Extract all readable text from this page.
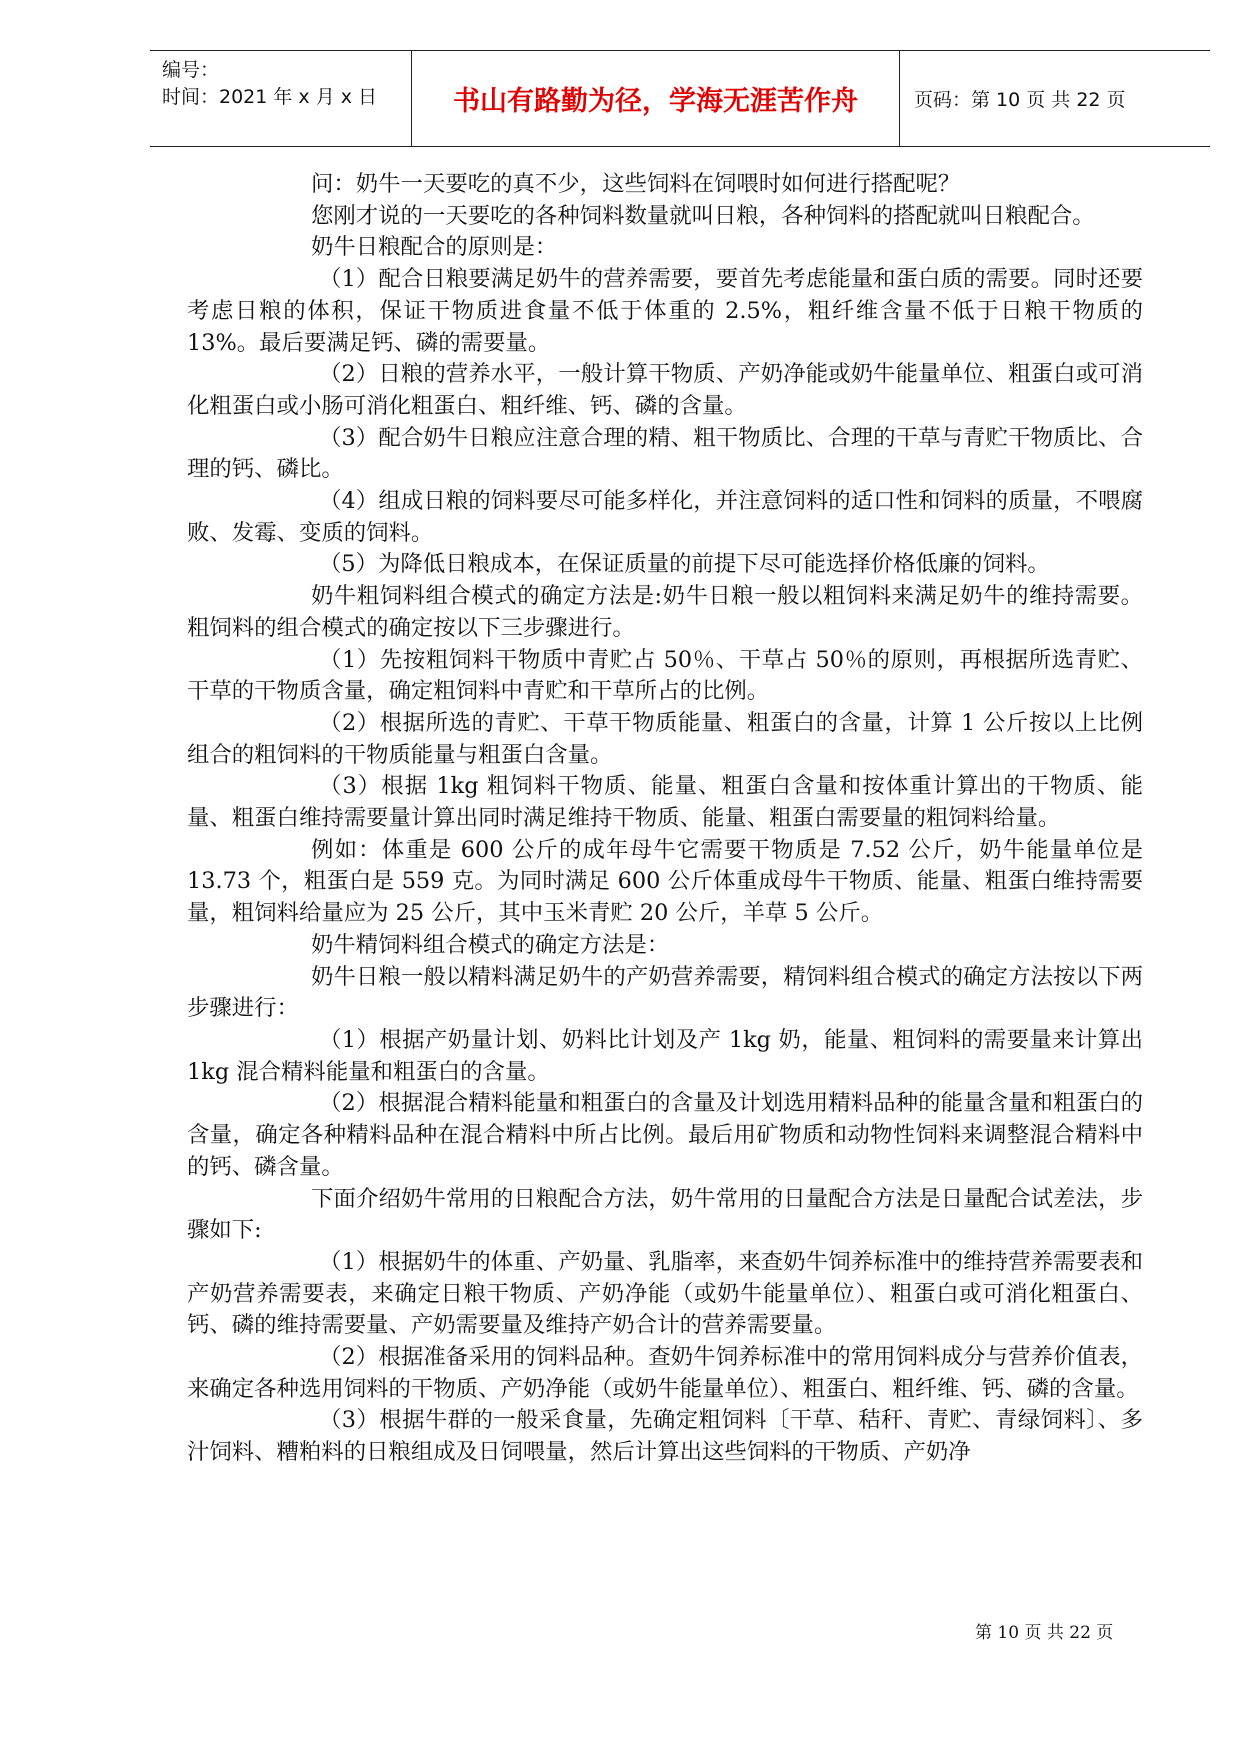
编号：
时间：2021 年 x 月 x 日	书山有路勤为径，学海无涯苦作舟	页码：第 10 页 共 22 页

问：奶牛一天要吃的真不少，这些饲料在饲喂时如何进行搭配呢？

您刚才说的一天要吃的各种饲料数量就叫日粮，各种饲料的搭配就叫日粮配合。

奶牛日粮配合的原则是：

（1）配合日粮要满足奶牛的营养需要，要首先考虑能量和蛋白质的需要。同时还要考虑日粮的体积，保证干物质进食量不低于体重的 2.5%，粗纤维含量不低于日粮干物质的 13%。最后要满足钙、磷的需要量。

（2）日粮的营养水平，一般计算干物质、产奶净能或奶牛能量单位、粗蛋白或可消化粗蛋白或小肠可消化粗蛋白、粗纤维、钙、磷的含量。

（3）配合奶牛日粮应注意合理的精、粗干物质比、合理的干草与青贮干物质比、合理的钙、磷比。

（4）组成日粮的饲料要尽可能多样化，并注意饲料的适口性和饲料的质量，不喂腐败、发霉、变质的饲料。

（5）为降低日粮成本，在保证质量的前提下尽可能选择价格低廉的饲料。

奶牛粗饲料组合模式的确定方法是:奶牛日粮一般以粗饲料来满足奶牛的维持需要。粗饲料的组合模式的确定按以下三步骤进行。

（1）先按粗饲料干物质中青贮占 50％、干草占 50％的原则，再根据所选青贮、干草的干物质含量，确定粗饲料中青贮和干草所占的比例。

（2）根据所选的青贮、干草干物质能量、粗蛋白的含量，计算 1 公斤按以上比例组合的粗饲料的干物质能量与粗蛋白含量。

（3）根据 1kg 粗饲料干物质、能量、粗蛋白含量和按体重计算出的干物质、能量、粗蛋白维持需要量计算出同时满足维持干物质、能量、粗蛋白需要量的粗饲料给量。

例如：体重是 600 公斤的成年母牛它需要干物质是 7.52 公斤，奶牛能量单位是 13.73 个，粗蛋白是 559 克。为同时满足 600 公斤体重成母牛干物质、能量、粗蛋白维持需要量，粗饲料给量应为 25 公斤，其中玉米青贮 20 公斤，羊草 5 公斤。

奶牛精饲料组合模式的确定方法是：

奶牛日粮一般以精料满足奶牛的产奶营养需要，精饲料组合模式的确定方法按以下两步骤进行：

（1）根据产奶量计划、奶料比计划及产 1kg 奶，能量、粗饲料的需要量来计算出 1kg 混合精料能量和粗蛋白的含量。

（2）根据混合精料能量和粗蛋白的含量及计划选用精料品种的能量含量和粗蛋白的含量，确定各种精料品种在混合精料中所占比例。最后用矿物质和动物性饲料来调整混合精料中的钙、磷含量。

下面介绍奶牛常用的日粮配合方法，奶牛常用的日量配合方法是日量配合试差法，步骤如下:

（1）根据奶牛的体重、产奶量、乳脂率，来查奶牛饲养标准中的维持营养需要表和产奶营养需要表，来确定日粮干物质、产奶净能（或奶牛能量单位）、粗蛋白或可消化粗蛋白、钙、磷的维持需要量、产奶需要量及维持产奶合计的营养需要量。

（2）根据准备采用的饲料品种。查奶牛饲养标准中的常用饲料成分与营养价值表，来确定各种选用饲料的干物质、产奶净能（或奶牛能量单位）、粗蛋白、粗纤维、钙、磷的含量。

（3）根据牛群的一般采食量，先确定粗饲料〔干草、秸秆、青贮、青绿饲料〕、多汁饲料、糟粕料的日粮组成及日饲喂量，然后计算出这些饲料的干物质、产奶净

第 10 页 共 22 页
